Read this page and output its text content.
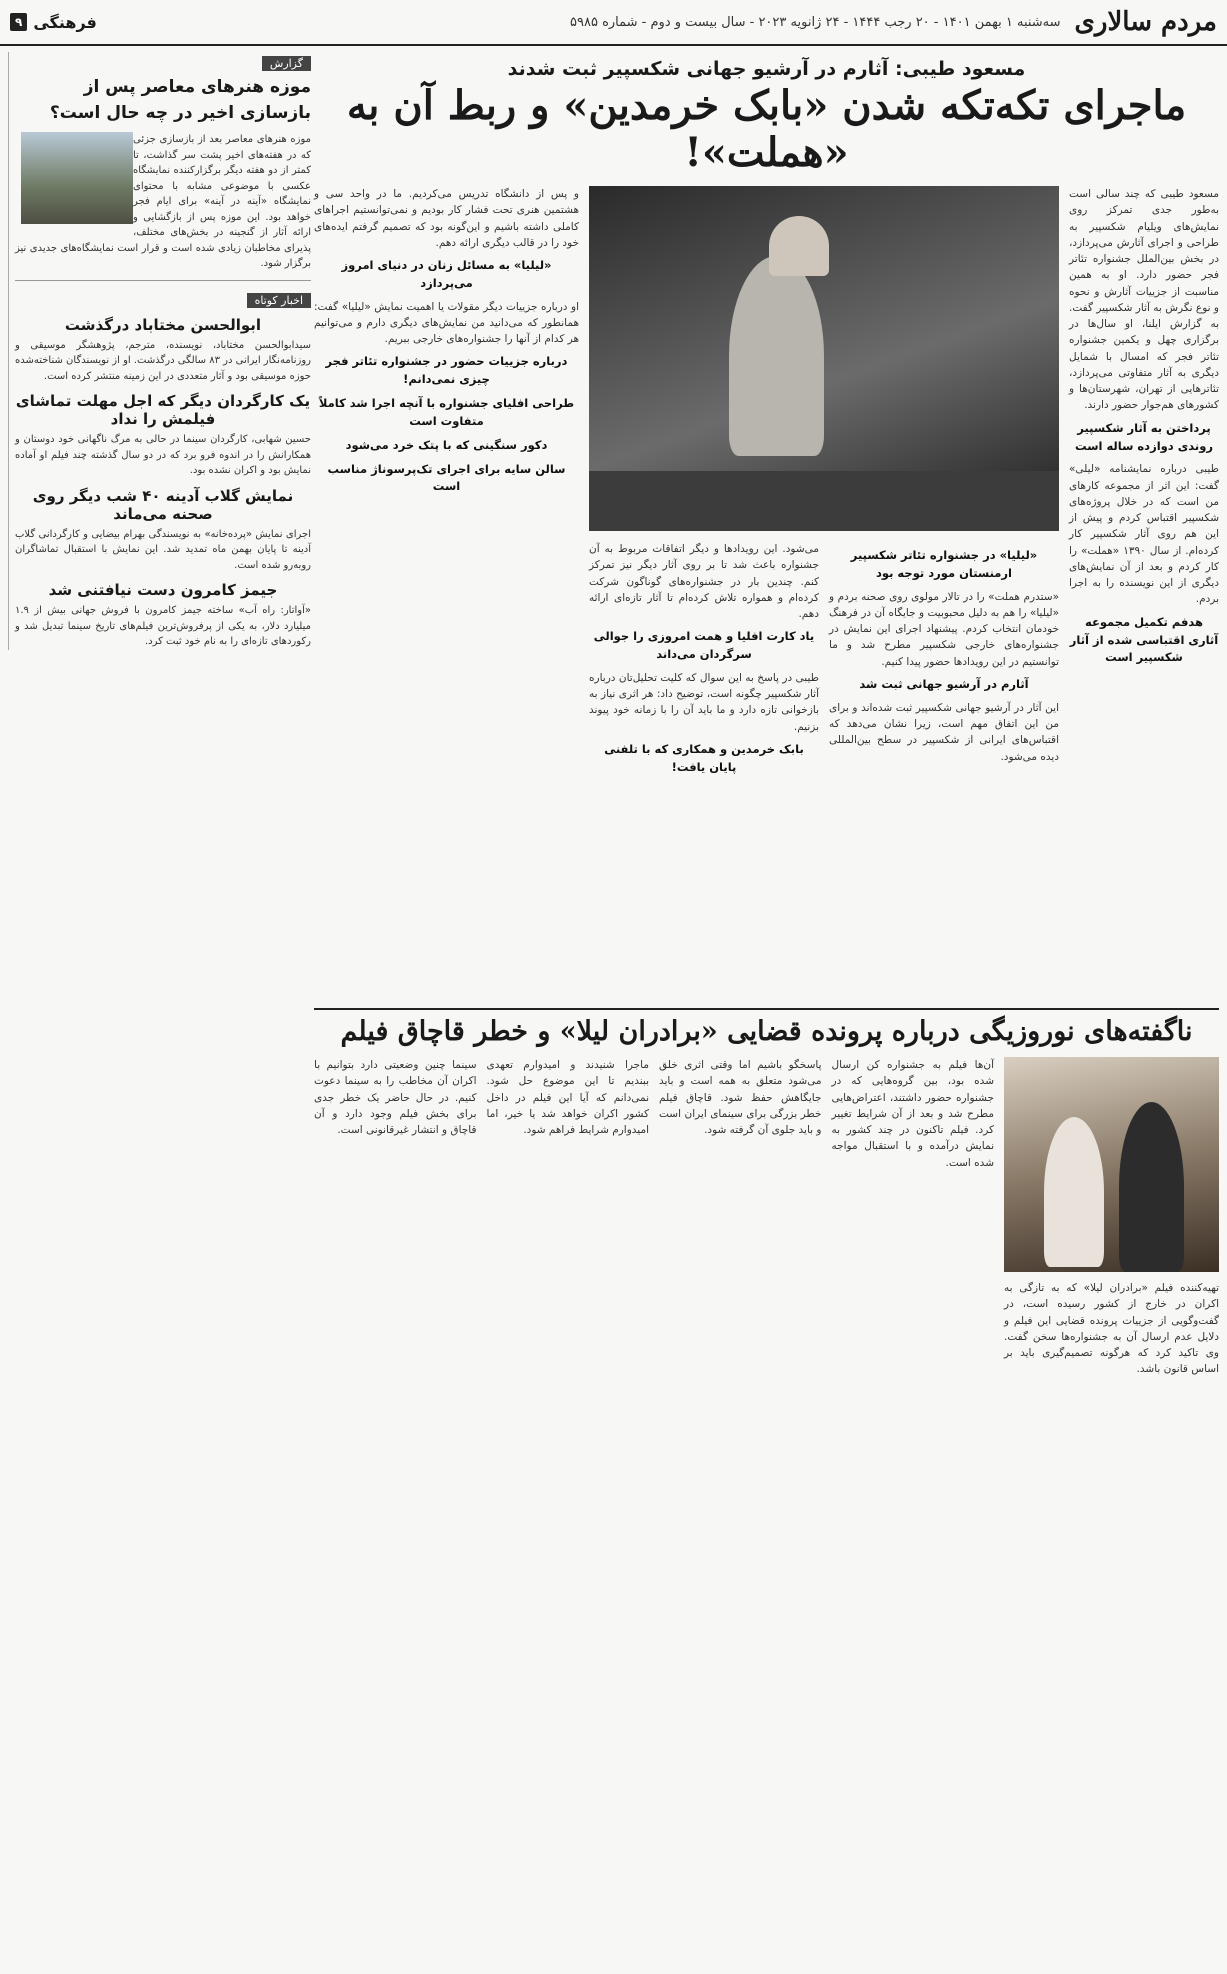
مردم سالاری
سه‌شنبه ۱ بهمن ۱۴۰۱ - ۲۰ رجب ۱۴۴۴ - ۲۴ ژانویه ۲۰۲۳ - سال بیست و دوم - شماره ۵۹۸۵
فرهنگی
۹
مسعود طیبی: آثارم در آرشیو جهانی شکسپیر ثبت شدند
ماجرای تکه‌تکه شدن «بابک خرمدین» و ربط آن به «هملت»!
مسعود طیبی که چند سالی است به‌طور جدی تمرکز روی نمایش‌های ویلیام شکسپیر به طراحی و اجرای آثارش می‌پردازد، در بخش بین‌الملل جشنواره تئاتر فجر حضور دارد. او به همین مناسبت از جزییات آثارش و نحوه و نوع نگرش به آثار شکسپیر گفت. به گزارش ایلنا، او سال‌ها در برگزاری چهل و یکمین جشنواره تئاتر فجر که امسال با شمایل دیگری به آثار متفاوتی می‌پردازد، تئاترهایی از تهران، شهرستان‌ها و کشورهای هم‌جوار حضور دارند.
پرداختن به آثار شکسپیر روندی دوازده ساله است
طیبی درباره نمایشنامه «لیلی» گفت: این اثر از مجموعه کارهای من است که در خلال پروژه‌های شکسپیر اقتباس کردم و پیش از این هم روی آثار شکسپیر کار کرده‌ام. از سال ۱۳۹۰ «هملت» را کار کردم و بعد از آن نمایش‌های دیگری از این نویسنده را به اجرا بردم.
هدفم تکمیل مجموعه آثاری اقتباسی شده از آثار شکسپیر است
«لیلیا» در جشنواره تئاتر شکسپیر ارمنستان مورد توجه بود
«ستدرم هملت» را در تالار مولوی روی صحنه بردم و «لیلیا» را هم به دلیل محبوبیت و جایگاه آن در فرهنگ خودمان انتخاب کردم. پیشنهاد اجرای این نمایش در جشنواره‌های خارجی شکسپیر مطرح شد و ما توانستیم در این رویدادها حضور پیدا کنیم.
آثارم در آرشیو جهانی ثبت شد
این آثار در آرشیو جهانی شکسپیر ثبت شده‌اند و برای من این اتفاق مهم است، زیرا نشان می‌دهد که اقتباس‌های ایرانی از شکسپیر در سطح بین‌المللی دیده می‌شود.
می‌شود. این رویدادها و دیگر اتفاقات مربوط به آن جشنواره باعث شد تا بر روی آثار دیگر نیز تمرکز کنم. چندین بار در جشنواره‌های گوناگون شرکت کرده‌ام و همواره تلاش کرده‌ام تا آثار تازه‌ای ارائه دهم.
یاد کارت افلیا و همت امروزی را جوالی سرگردان می‌داند
طیبی در پاسخ به این سوال که کلیت تحلیل‌تان درباره آثار شکسپیر چگونه است، توضیح داد: هر اثری نیاز به بازخوانی تازه دارد و ما باید آن را با زمانه خود پیوند بزنیم.
بابک خرمدین و همکاری که با تلفنی پایان یافت!
و پس از دانشگاه تدریس می‌کردیم. ما در واحد سی و هشتمین هنری تحت فشار کار بودیم و نمی‌توانستیم اجراهای کاملی داشته باشیم و این‌گونه بود که تصمیم گرفتم ایده‌های خود را در قالب دیگری ارائه دهم.
«لیلیا» به مسائل زنان در دنیای امروز می‌پردازد
او درباره جزییات دیگر مقولات یا اهمیت نمایش «لیلیا» گفت: همانطور که می‌دانید من نمایش‌های دیگری دارم و می‌توانیم هر کدام از آنها را جشنواره‌های خارجی ببریم.
درباره جزییات حضور در جشنواره تئاتر فجر چیزی نمی‌دانم!
طراحی افلیای جشنواره با آنچه اجرا شد کاملاً متفاوت است
دکور سنگینی که با پتک خرد می‌شود
سالن سایه برای اجرای تک‌پرسوناژ مناسب است
ناگفته‌های نوروزیگی درباره پرونده قضایی «برادران لیلا» و خطر قاچاق فیلم
تهیه‌کننده فیلم «برادران لیلا» که به تازگی به اکران در خارج از کشور رسیده است، در گفت‌وگویی از جزییات پرونده قضایی این فیلم و دلایل عدم ارسال آن به جشنواره‌ها سخن گفت. وی تاکید کرد که هرگونه تصمیم‌گیری باید بر اساس قانون باشد.
آن‌ها فیلم به جشنواره کن ارسال شده بود، بین گروه‌هایی که در جشنواره حضور داشتند، اعتراض‌هایی مطرح شد و بعد از آن شرایط تغییر کرد. فیلم تاکنون در چند کشور به نمایش درآمده و با استقبال مواجه شده است.
پاسخگو باشیم اما وقتی اثری خلق می‌شود متعلق به همه است و باید جایگاهش حفظ شود. قاچاق فیلم خطر بزرگی برای سینمای ایران است و باید جلوی آن گرفته شود.
ماجرا شنیدند و امیدوارم تعهدی ببندیم تا این موضوع حل شود. نمی‌دانم که آیا این فیلم در داخل کشور اکران خواهد شد یا خیر، اما امیدوارم شرایط فراهم شود.
سینما چنین وضعیتی دارد بتوانیم با اکران آن مخاطب را به سینما دعوت کنیم. در حال حاضر یک خطر جدی برای بخش فیلم وجود دارد و آن قاچاق و انتشار غیرقانونی است.
گزارش
موزه هنرهای معاصر پس از بازسازی اخیر در چه حال است؟
موزه هنرهای معاصر بعد از بازسازی جزئی که در هفته‌های اخیر پشت سر گذاشت، تا کمتر از دو هفته دیگر برگزارکننده نمایشگاه عکسی با موضوعی مشابه با محتوای نمایشگاه «آینه در آینه» برای ایام فجر خواهد بود. این موزه پس از بازگشایی و ارائه آثار از گنجینه در بخش‌های مختلف، پذیرای مخاطبان زیادی شده است و قرار است نمایشگاه‌های جدیدی نیز برگزار شود.
اخبار کوتاه
ابوالحسن مختاباد درگذشت
سیدابوالحسن مختاباد، نویسنده، مترجم، پژوهشگر موسیقی و روزنامه‌نگار ایرانی در ۸۳ سالگی درگذشت. او از نویسندگان شناخته‌شده حوزه موسیقی بود و آثار متعددی در این زمینه منتشر کرده است.
یک کارگردان دیگر که اجل مهلت تماشای فیلمش را نداد
حسین شهابی، کارگردان سینما در حالی به مرگ ناگهانی خود دوستان و همکارانش را در اندوه فرو برد که در دو سال گذشته چند فیلم او آماده نمایش بود و اکران نشده بود.
نمایش گلاب آدینه ۴۰ شب دیگر روی صحنه می‌ماند
اجرای نمایش «پرده‌خانه» به نویسندگی بهرام بیضایی و کارگردانی گلاب آدینه تا پایان بهمن ماه تمدید شد. این نمایش با استقبال تماشاگران روبه‌رو شده است.
جیمز کامرون دست نیافتنی شد
«آواتار: راه آب» ساخته جیمز کامرون با فروش جهانی بیش از ۱.۹ میلیارد دلار، به یکی از پرفروش‌ترین فیلم‌های تاریخ سینما تبدیل شد و رکوردهای تازه‌ای را به نام خود ثبت کرد.
